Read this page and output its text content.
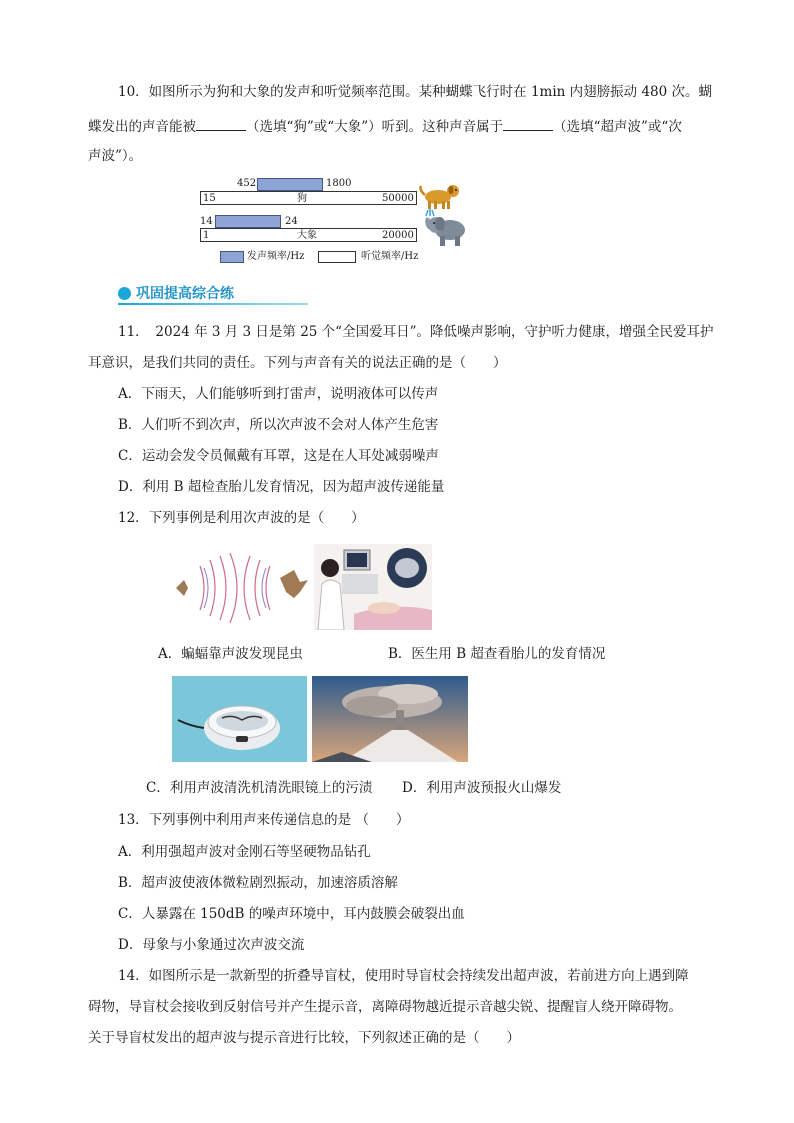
10．如图所示为狗和大象的发声和听觉频率范围。某种蝴蝶飞行时在 1min 内翅膀振动 480 次。蝴
蝶发出的声音能被	（选填“狗”或“大象”）听到。这种声音属于	（选填“超声波”或“次
声波”）。
452	1800
15	狗	50000
14	24
1	大象	20000
发声频率/Hz	听觉频率/Hz
巩固提高综合练
11．　2024 年 3 月 3 日是第 25 个“全国爱耳日”。降低噪声影响，守护听力健康，增强全民爱耳护
耳意识，是我们共同的责任。下列与声音有关的说法正确的是（　　）
A．下雨天，人们能够听到打雷声，说明液体可以传声
B．人们听不到次声，所以次声波不会对人体产生危害
C．运动会发令员佩戴有耳罩，这是在人耳处减弱噪声
D．利用 B 超检查胎儿发育情况，因为超声波传递能量
12．下列事例是利用次声波的是（　　）
A．蝙蝠靠声波发现昆虫	B．医生用 B 超查看胎儿的发育情况
C．利用声波清洗机清洗眼镜上的污渍 D．利用声波预报火山爆发
13．下列事例中利用声来传递信息的是 （　　）
A．利用强超声波对金刚石等坚硬物品钻孔
B．超声波使液体微粒剧烈振动，加速溶质溶解
C．人暴露在 150dB 的噪声环境中，耳内鼓膜会破裂出血
D．母象与小象通过次声波交流
14．如图所示是一款新型的折叠导盲杖，使用时导盲杖会持续发出超声波，若前进方向上遇到障
碍物，导盲杖会接收到反射信号并产生提示音，离障碍物越近提示音越尖锐、提醒盲人绕开障碍物。
关于导盲杖发出的超声波与提示音进行比较，下列叙述正确的是（　　）
